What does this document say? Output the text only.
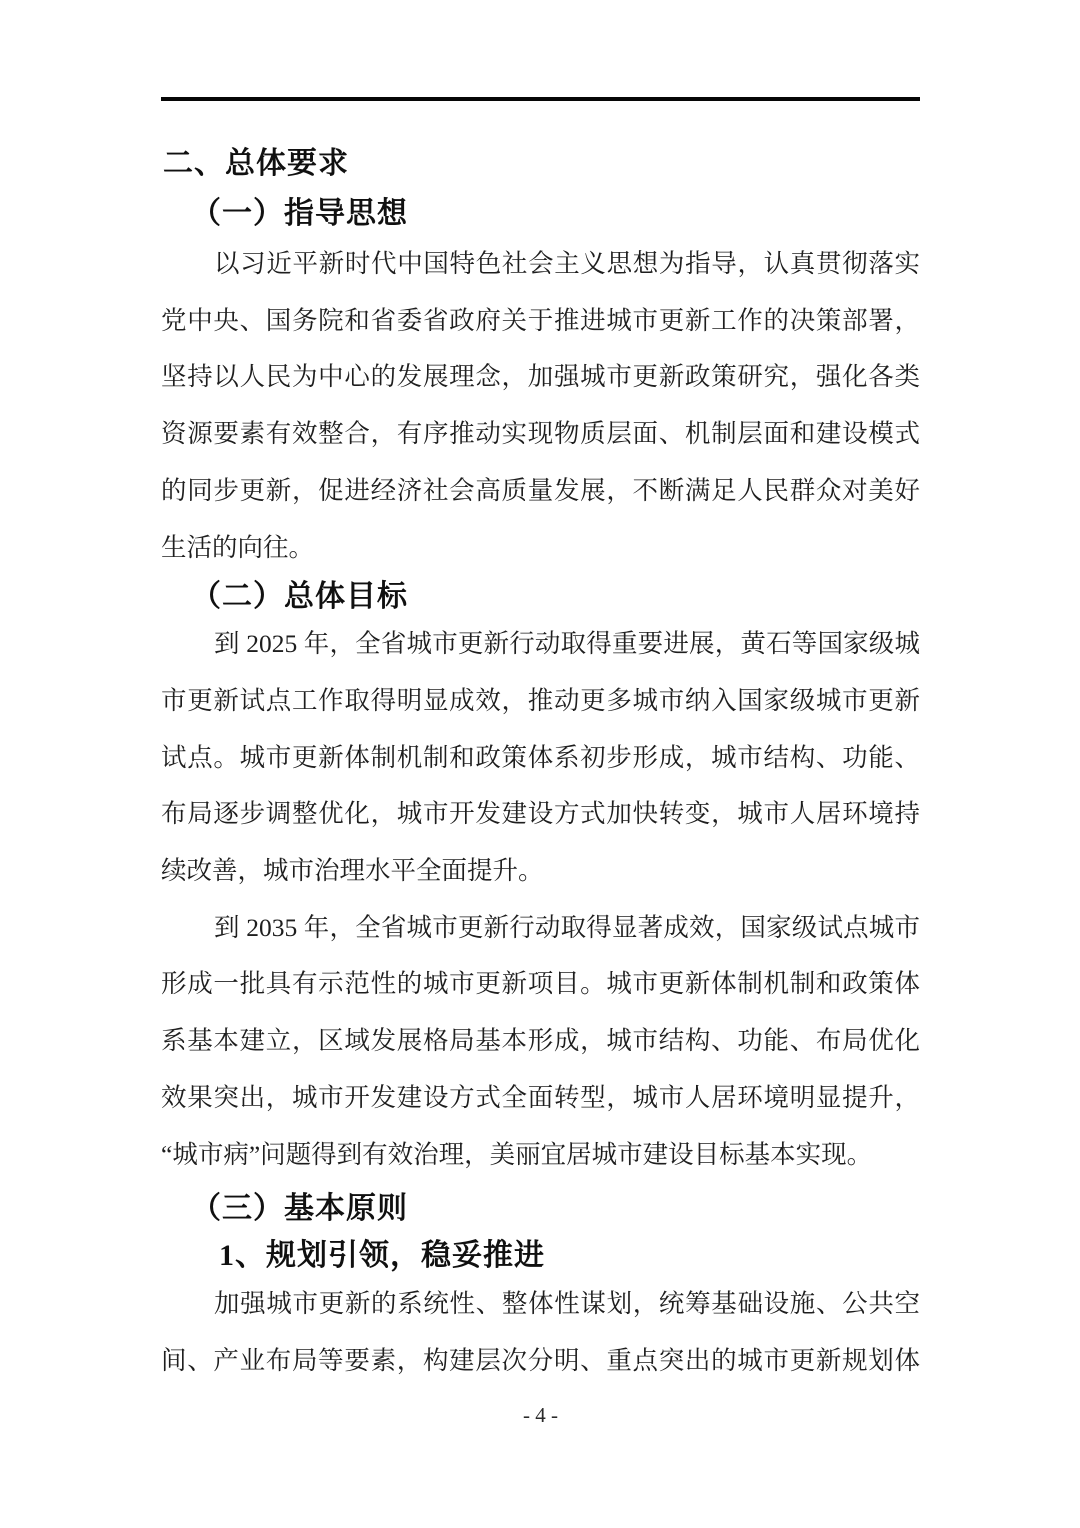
二、总体要求
（一）指导思想
以习近平新时代中国特色社会主义思想为指导，认真贯彻落实
党中央、国务院和省委省政府关于推进城市更新工作的决策部署，
坚持以人民为中心的发展理念，加强城市更新政策研究，强化各类
资源要素有效整合，有序推动实现物质层面、机制层面和建设模式
的同步更新，促进经济社会高质量发展，不断满足人民群众对美好
生活的向往。
（二）总体目标
到 2025 年，全省城市更新行动取得重要进展，黄石等国家级城
市更新试点工作取得明显成效，推动更多城市纳入国家级城市更新
试点。城市更新体制机制和政策体系初步形成，城市结构、功能、
布局逐步调整优化，城市开发建设方式加快转变，城市人居环境持
续改善，城市治理水平全面提升。
到 2035 年，全省城市更新行动取得显著成效，国家级试点城市
形成一批具有示范性的城市更新项目。城市更新体制机制和政策体
系基本建立，区域发展格局基本形成，城市结构、功能、布局优化
效果突出，城市开发建设方式全面转型，城市人居环境明显提升，
“城市病”问题得到有效治理，美丽宜居城市建设目标基本实现。
（三）基本原则
1、规划引领，稳妥推进
加强城市更新的系统性、整体性谋划，统筹基础设施、公共空
间、产业布局等要素，构建层次分明、重点突出的城市更新规划体
- 4 -
